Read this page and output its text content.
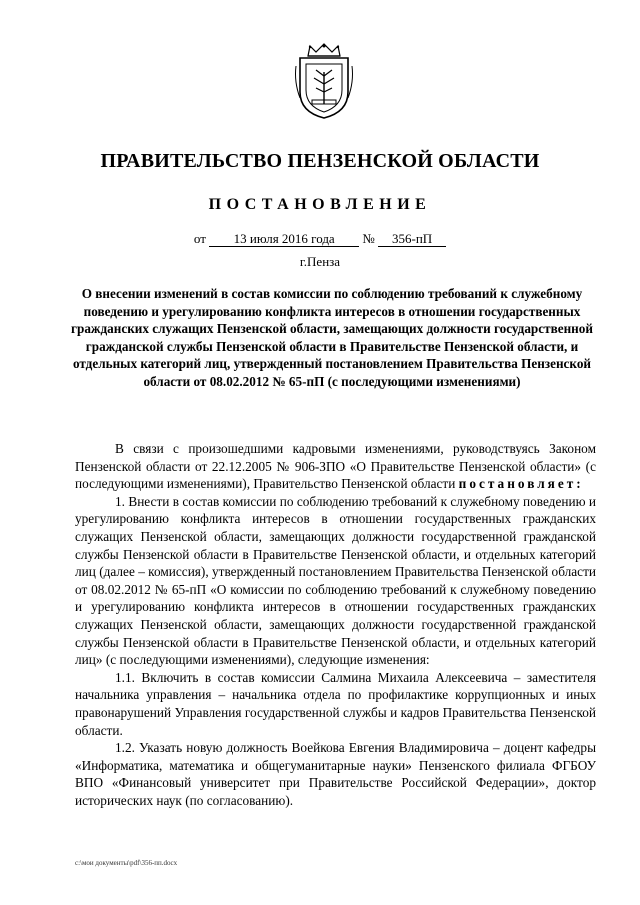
ПРАВИТЕЛЬСТВО ПЕНЗЕНСКОЙ ОБЛАСТИ
ПОСТАНОВЛЕНИЕ
от 13 июля 2016 года № 356-пП
г.Пенза
О внесении изменений в состав комиссии по соблюдению требований к служебному поведению и урегулированию конфликта интересов в отношении государственных гражданских служащих Пензенской области, замещающих должности государственной гражданской службы Пензенской области в Правительстве Пензенской области, и отдельных категорий лиц, утвержденный постановлением Правительства Пензенской области от 08.02.2012 № 65-пП (с последующими изменениями)

В связи с произошедшими кадровыми изменениями, руководствуясь Законом Пензенской области от 22.12.2005 № 906-ЗПО «О Правительстве Пензенской области» (с последующими изменениями), Правительство Пензенской области постановляет:

1. Внести в состав комиссии по соблюдению требований к служебному поведению и урегулированию конфликта интересов в отношении государственных гражданских служащих Пензенской области, замещающих должности государственной гражданской службы Пензенской области в Правительстве Пензенской области, и отдельных категорий лиц (далее – комиссия), утвержденный постановлением Правительства Пензенской области от 08.02.2012 № 65-пП «О комиссии по соблюдению требований к служебному поведению и урегулированию конфликта интересов в отношении государственных гражданских служащих Пензенской области, замещающих должности государственной гражданской службы Пензенской области в Правительстве Пензенской области, и отдельных категорий лиц» (с последующими изменениями), следующие изменения:

1.1. Включить в состав комиссии Салмина Михаила Алексеевича – заместителя начальника управления – начальника отдела по профилактике коррупционных и иных правонарушений Управления государственной службы и кадров Правительства Пензенской области.

1.2. Указать новую должность Воейкова Евгения Владимировича – доцент кафедры «Информатика, математика и общегуманитарные науки» Пензенского филиала ФГБОУ ВПО «Финансовый университет при Правительстве Российской Федерации», доктор исторических наук (по согласованию).

c:\мои документы\pdf\356-пп.docx
